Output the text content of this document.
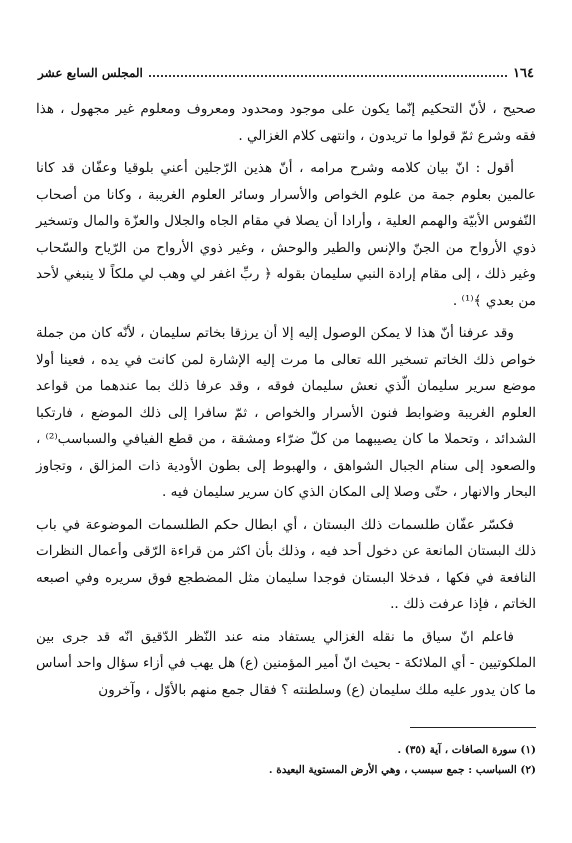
١٦٤
المجلس السابع عشر

صحيح ، لأنّ التحكيم إنّما يكون على موجود ومحدود ومعروف ومعلوم غير مجهول ، هذا فقه وشرع ثمّ قولوا ما تريدون ، وانتهى كلام الغزالي .

أقول : انّ بيان كلامه وشرح مرامه ، أنّ هذين الرّجلين أعني بلوقيا وعفّان قد كانا عالمين بعلوم جمة من علوم الخواص والأسرار وسائر العلوم الغريبة ، وكانا من أصحاب النّفوس الأبيّة والهمم العلية ، وأرادا أن يصلا في مقام الجاه والجلال والعزّة والمال وتسخير ذوي الأرواح من الجنّ والإنس والطير والوحش ، وغير ذوي الأرواح من الرّياح والسّحاب وغير ذلك ، إلى مقام إرادة النبي سليمان بقوله ﴿ ربِّ اغفر لي وهب لي ملكاً لا ينبغي لأحد من بعدي ﴾⁽¹⁾ .

وقد عرفنا أنّ هذا لا يمكن الوصول إليه إلا أن يرزقا بخاتم سليمان ، لأنّه كان من جملة خواص ذلك الخاتم تسخير الله تعالى ما مرت إليه الإشارة لمن كانت في يده ، فعينا أولا موضع سرير سليمان الّذي نعش سليمان فوقه ، وقد عرفا ذلك بما عندهما من قواعد العلوم الغريبة وضوابط فنون الأسرار والخواص ، ثمّ سافرا إلى ذلك الموضع ، فارتكبا الشدائد ، وتحملا ما كان يصيبهما من كلّ ضرّاء ومشقة ، من قطع الفيافي والسباسب⁽²⁾ ، والصعود إلى سنام الجبال الشواهق ، والهبوط إلى بطون الأودية ذات المزالق ، وتجاوز البحار والانهار ، حتّى وصلا إلى المكان الذي كان سرير سليمان فيه .

فكسّر عفّان طلسمات ذلك البستان ، أي ابطال حكم الطلسمات الموضوعة في باب ذلك البستان المانعة عن دخول أحد فيه ، وذلك بأن اكثر من قراءة الرّقى وأعمال النظرات النافعة في فكها ، فدخلا البستان فوجدا سليمان مثل المضطجع فوق سريره وفي اصبعه الخاتم ، فإذا عرفت ذلك ..

فاعلم انّ سياق ما نقله الغزالي يستفاد منه عند النّظر الدّقيق انّه قد جرى بين الملكوتيين - أي الملائكة - بحيث انّ أمير المؤمنين (ع) هل يهب في أزاء سؤال واحد أساس ما كان يدور عليه ملك سليمان (ع) وسلطنته ؟ فقال جمع منهم بالأوّل ، وآخرون

(١) سورة الصافات ، آية (٣٥) .
(٢) السباسب : جمع سبسب ، وهي الأرض المستوية البعيدة .
